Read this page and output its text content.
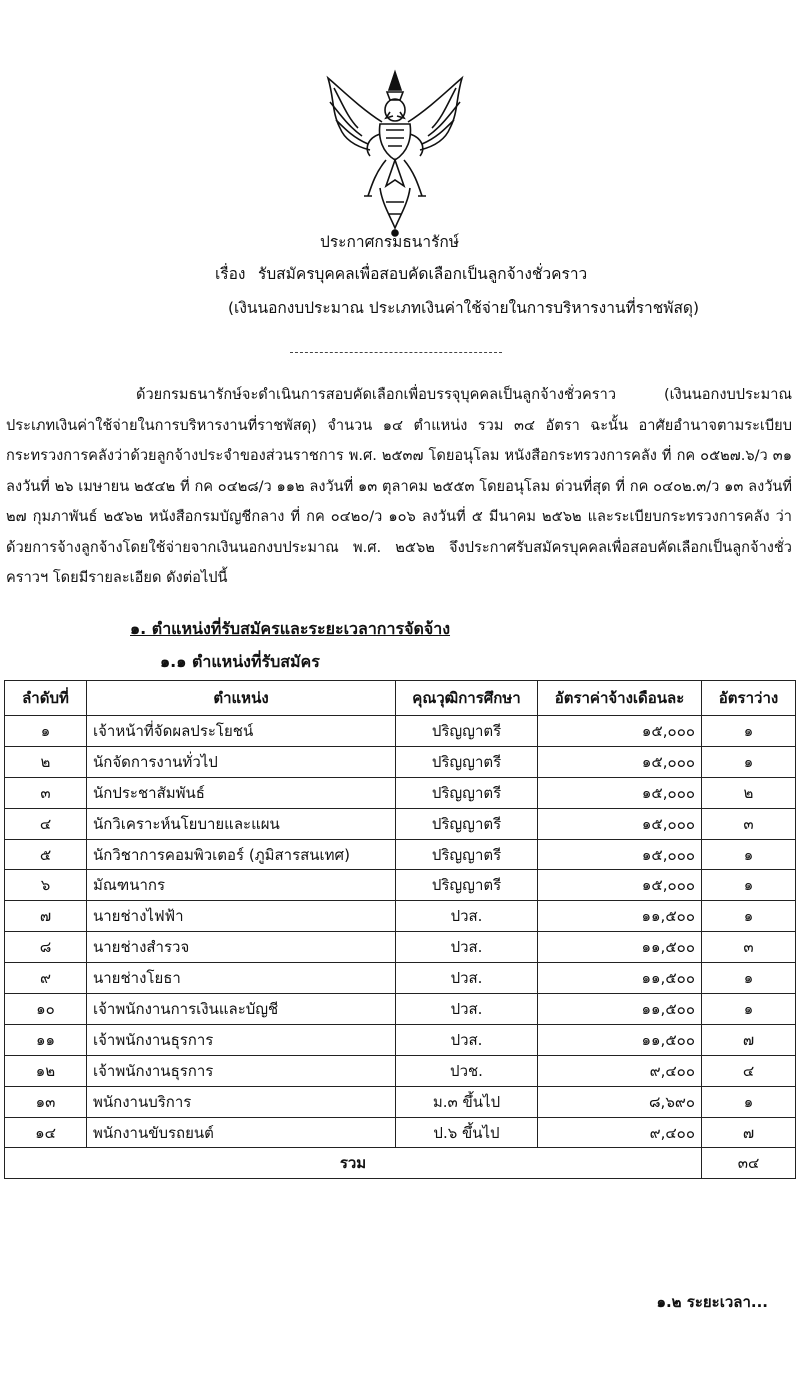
ประกาศกรมธนารักษ์
เรื่อง รับสมัครบุคคลเพื่อสอบคัดเลือกเป็นลูกจ้างชั่วคราว
(เงินนอกงบประมาณ ประเภทเงินค่าใช้จ่ายในการบริหารงานที่ราชพัสดุ)
ด้วยกรมธนารักษ์จะดำเนินการสอบคัดเลือกเพื่อบรรจุบุคคลเป็นลูกจ้างชั่วคราว (เงินนอกงบประมาณ ประเภทเงินค่าใช้จ่ายในการบริหารงานที่ราชพัสดุ) จำนวน ๑๔ ตำแหน่ง รวม ๓๔ อัตรา ฉะนั้น อาศัยอำนาจตามระเบียบกระทรวงการคลังว่าด้วยลูกจ้างประจำของส่วนราชการ พ.ศ. ๒๕๓๗ โดยอนุโลม หนังสือกระทรวงการคลัง ที่ กค ๐๕๒๗.๖/ว ๓๑ ลงวันที่ ๒๖ เมษายน ๒๕๔๒ ที่ กค ๐๔๒๘/ว ๑๑๒ ลงวันที่ ๑๓ ตุลาคม ๒๕๕๓ โดยอนุโลม ด่วนที่สุด ที่ กค ๐๔๐๒.๓/ว ๑๓ ลงวันที่ ๒๗ กุมภาพันธ์ ๒๕๖๒ หนังสือกรมบัญชีกลาง ที่ กค ๐๔๒๐/ว ๑๐๖ ลงวันที่ ๕ มีนาคม ๒๕๖๒ และระเบียบกระทรวงการคลัง ว่าด้วยการจ้างลูกจ้างโดยใช้จ่ายจากเงินนอกงบประมาณ พ.ศ. ๒๕๖๒ จึงประกาศรับสมัครบุคคลเพื่อสอบคัดเลือกเป็นลูกจ้างชั่วคราวฯ โดยมีรายละเอียด ดังต่อไปนี้
๑. ตำแหน่งที่รับสมัครและระยะเวลาการจัดจ้าง
๑.๑ ตำแหน่งที่รับสมัคร
ลำดับที่	ตำแหน่ง	คุณวุฒิการศึกษา	อัตราค่าจ้างเดือนละ	อัตราว่าง
๑	เจ้าหน้าที่จัดผลประโยชน์	ปริญญาตรี	๑๕,๐๐๐	๑
๒	นักจัดการงานทั่วไป	ปริญญาตรี	๑๕,๐๐๐	๑
๓	นักประชาสัมพันธ์	ปริญญาตรี	๑๕,๐๐๐	๒
๔	นักวิเคราะห์นโยบายและแผน	ปริญญาตรี	๑๕,๐๐๐	๓
๕	นักวิชาการคอมพิวเตอร์ (ภูมิสารสนเทศ)	ปริญญาตรี	๑๕,๐๐๐	๑
๖	มัณฑนากร	ปริญญาตรี	๑๕,๐๐๐	๑
๗	นายช่างไฟฟ้า	ปวส.	๑๑,๕๐๐	๑
๘	นายช่างสำรวจ	ปวส.	๑๑,๕๐๐	๓
๙	นายช่างโยธา	ปวส.	๑๑,๕๐๐	๑
๑๐	เจ้าพนักงานการเงินและบัญชี	ปวส.	๑๑,๕๐๐	๑
๑๑	เจ้าพนักงานธุรการ	ปวส.	๑๑,๕๐๐	๗
๑๒	เจ้าพนักงานธุรการ	ปวช.	๙,๔๐๐	๔
๑๓	พนักงานบริการ	ม.๓ ขึ้นไป	๘,๖๙๐	๑
๑๔	พนักงานขับรถยนต์	ป.๖ ขึ้นไป	๙,๔๐๐	๗
รวม				๓๔
๑.๒ ระยะเวลา...
